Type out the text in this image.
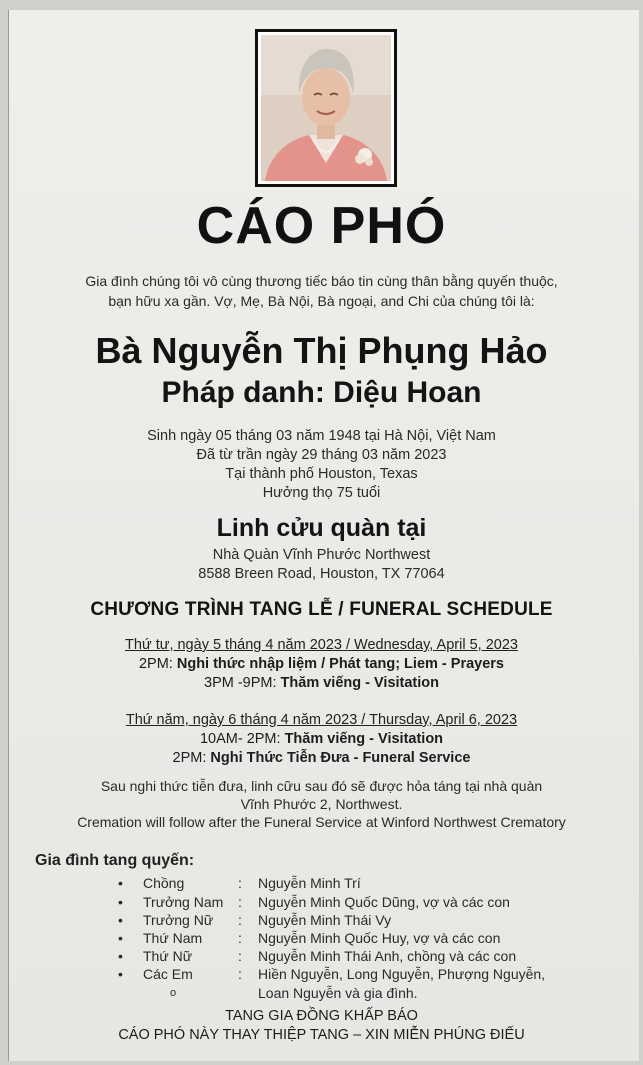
CÁO PHÓ
Gia đình chúng tôi vô cùng thương tiếc báo tin cùng thân bằng quyến thuộc,
bạn hữu xa gần. Vợ, Mẹ, Bà Nội, Bà ngoại, and Chi của chúng tôi là:
Bà Nguyễn Thị Phụng Hảo
Pháp danh: Diệu Hoan
Sinh ngày 05 tháng 03 năm 1948 tại Hà Nội, Việt Nam
Đã từ trần ngày 29 tháng 03 năm 2023
Tại thành phố Houston, Texas
Hưởng thọ 75 tuổi
Linh cửu quàn tại
Nhà Quàn Vĩnh Phước Northwest
8588 Breen Road, Houston, TX 77064
CHƯƠNG TRÌNH TANG LỄ / FUNERAL SCHEDULE
Thứ tư, ngày 5 tháng 4 năm 2023 / Wednesday, April 5, 2023
2PM: Nghi thức nhập liệm / Phát tang; Liem - Prayers
3PM -9PM: Thăm viếng - Visitation
Thứ năm, ngày 6 tháng 4 năm 2023 / Thursday, April 6, 2023
10AM- 2PM: Thăm viếng - Visitation
2PM: Nghi Thức Tiễn Đưa - Funeral Service
Sau nghi thức tiễn đưa, linh cữu sau đó sẽ được hỏa táng tại nhà quàn
Vĩnh Phước 2, Northwest.
Cremation will follow after the Funeral Service at Winford Northwest Crematory
Gia đình tang quyến:
• Chồng	: Nguyễn Minh Trí
• Trưởng Nam : Nguyễn Minh Quốc Dũng, vợ và các con
• Trưởng Nữ : Nguyễn Minh Thái Vy
• Thứ Nam	: Nguyễn Minh Quốc Huy, vợ và các con
• Thứ Nữ	: Nguyễn Minh Thái Anh, chồng và các con
• Các Em	: Hiền Nguyễn, Long Nguyễn, Phượng Nguyễn,
o	Loan Nguyễn và gia đình.
TANG GIA ĐỒNG KHẤP BÁO
CÁO PHÓ NÀY THAY THIỆP TANG – XIN MIỄN PHÚNG ĐIẾU
